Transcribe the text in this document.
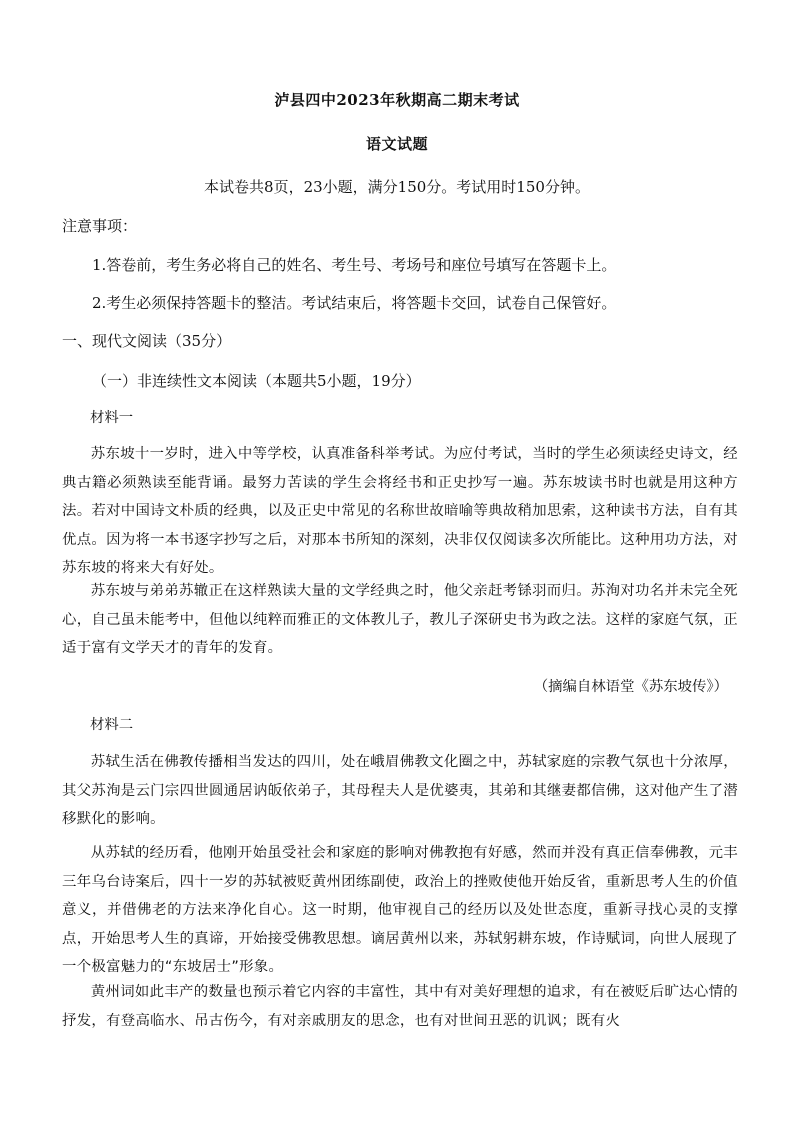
泸县四中2023年秋期高二期末考试
语文试题
本试卷共8页，23小题，满分150分。考试用时150分钟。
注意事项：
1.答卷前，考生务必将自己的姓名、考生号、考场号和座位号填写在答题卡上。
2.考生必须保持答题卡的整洁。考试结束后，将答题卡交回，试卷自己保管好。
一、现代文阅读（35分）
（一）非连续性文本阅读（本题共5小题，19分）
材料一
苏东坡十一岁时，进入中等学校，认真准备科举考试。为应付考试，当时的学生必须读经史诗文，经典古籍必须熟读至能背诵。最努力苦读的学生会将经书和正史抄写一遍。苏东坡读书时也就是用这种方法。若对中国诗文朴质的经典，以及正史中常见的名称世故暗喻等典故稍加思索，这种读书方法，自有其优点。因为将一本书逐字抄写之后，对那本书所知的深刻，决非仅仅阅读多次所能比。这种用功方法，对苏东坡的将来大有好处。
苏东坡与弟弟苏辙正在这样熟读大量的文学经典之时，他父亲赶考铩羽而归。苏洵对功名并未完全死心，自己虽未能考中，但他以纯粹而雅正的文体教儿子，教儿子深研史书为政之法。这样的家庭气氛，正适于富有文学天才的青年的发育。
（摘编自林语堂《苏东坡传》）
材料二
苏轼生活在佛教传播相当发达的四川，处在峨眉佛教文化圈之中，苏轼家庭的宗教气氛也十分浓厚，其父苏洵是云门宗四世圆通居讷皈依弟子，其母程夫人是优婆夷，其弟和其继妻都信佛，这对他产生了潜移默化的影响。
从苏轼的经历看，他刚开始虽受社会和家庭的影响对佛教抱有好感，然而并没有真正信奉佛教，元丰三年乌台诗案后，四十一岁的苏轼被贬黄州团练副使，政治上的挫败使他开始反省，重新思考人生的价值意义，并借佛老的方法来净化自心。这一时期，他审视自己的经历以及处世态度，重新寻找心灵的支撑点，开始思考人生的真谛，开始接受佛教思想。谪居黄州以来，苏轼躬耕东坡，作诗赋词，向世人展现了一个极富魅力的“东坡居士”形象。
黄州词如此丰产的数量也预示着它内容的丰富性，其中有对美好理想的追求，有在被贬后旷达心情的抒发，有登高临水、吊古伤今，有对亲戚朋友的思念，也有对世间丑恶的讥讽；既有火
